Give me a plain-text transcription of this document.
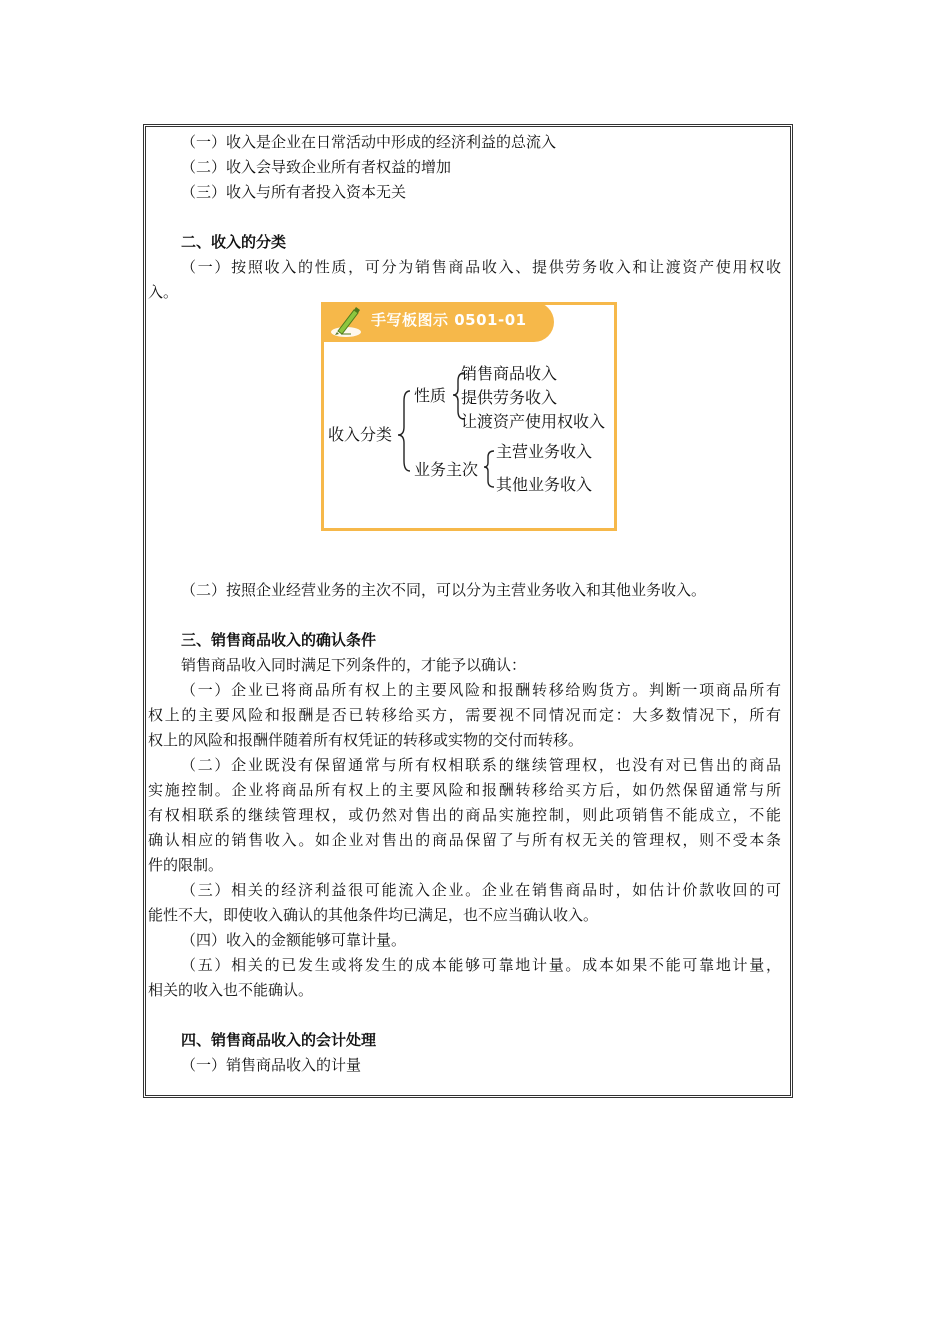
（一）收入是企业在日常活动中形成的经济利益的总流入
（二）收入会导致企业所有者权益的增加
（三）收入与所有者投入资本无关
二、收入的分类
（一）按照收入的性质，可分为销售商品收入、提供劳务收入和让渡资产使用权收
入。
手写板图示 0501-01
收入分类
性质
销售商品收入
提供劳务收入
让渡资产使用权收入
业务主次
主营业务收入
其他业务收入
（二）按照企业经营业务的主次不同，可以分为主营业务收入和其他业务收入。
三、销售商品收入的确认条件
销售商品收入同时满足下列条件的，才能予以确认：
（一）企业已将商品所有权上的主要风险和报酬转移给购货方。判断一项商品所有
权上的主要风险和报酬是否已转移给买方，需要视不同情况而定：大多数情况下，所有
权上的风险和报酬伴随着所有权凭证的转移或实物的交付而转移。
（二）企业既没有保留通常与所有权相联系的继续管理权，也没有对已售出的商品
实施控制。企业将商品所有权上的主要风险和报酬转移给买方后，如仍然保留通常与所
有权相联系的继续管理权，或仍然对售出的商品实施控制，则此项销售不能成立，不能
确认相应的销售收入。如企业对售出的商品保留了与所有权无关的管理权，则不受本条
件的限制。
（三）相关的经济利益很可能流入企业。企业在销售商品时，如估计价款收回的可
能性不大，即使收入确认的其他条件均已满足，也不应当确认收入。
（四）收入的金额能够可靠计量。
（五）相关的已发生或将发生的成本能够可靠地计量。成本如果不能可靠地计量，
相关的收入也不能确认。
四、销售商品收入的会计处理
（一）销售商品收入的计量
